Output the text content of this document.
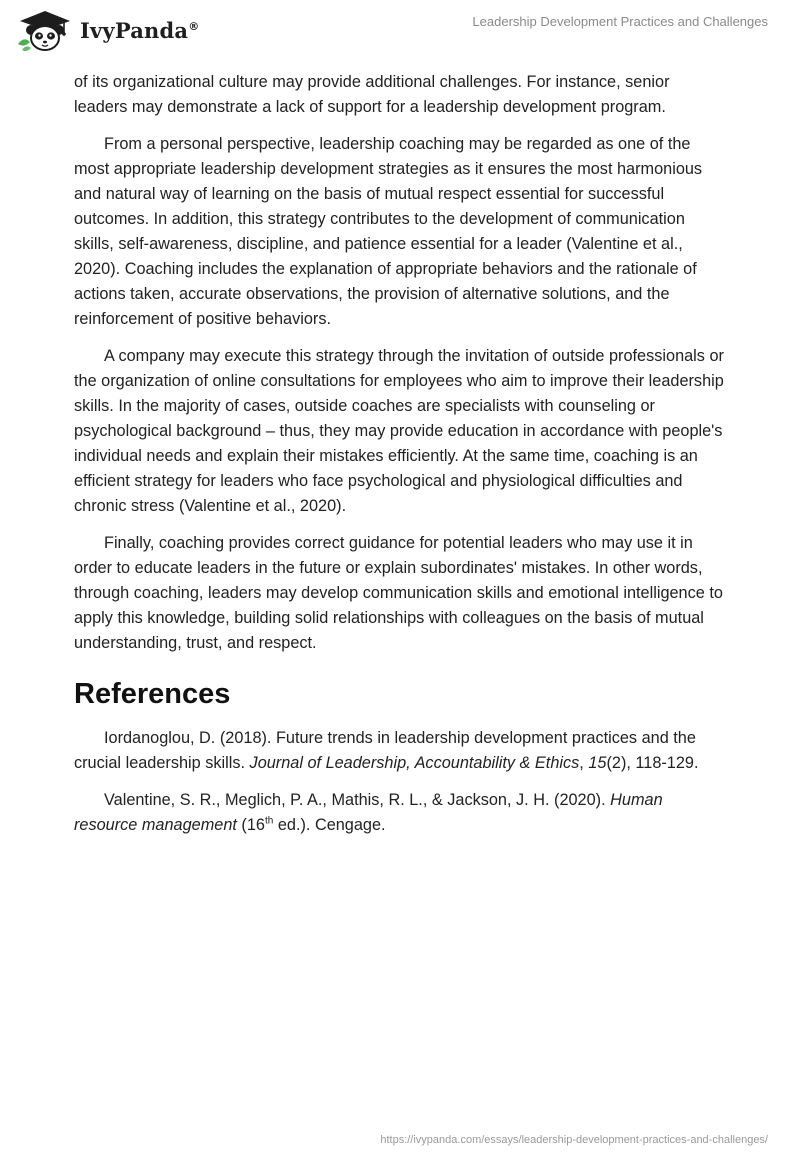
IvyPanda®	Leadership Development Practices and Challenges

of its organizational culture may provide additional challenges. For instance, senior leaders may demonstrate a lack of support for a leadership development program.

From a personal perspective, leadership coaching may be regarded as one of the most appropriate leadership development strategies as it ensures the most harmonious and natural way of learning on the basis of mutual respect essential for successful outcomes. In addition, this strategy contributes to the development of communication skills, self-awareness, discipline, and patience essential for a leader (Valentine et al., 2020). Coaching includes the explanation of appropriate behaviors and the rationale of actions taken, accurate observations, the provision of alternative solutions, and the reinforcement of positive behaviors.

A company may execute this strategy through the invitation of outside professionals or the organization of online consultations for employees who aim to improve their leadership skills. In the majority of cases, outside coaches are specialists with counseling or psychological background – thus, they may provide education in accordance with people's individual needs and explain their mistakes efficiently. At the same time, coaching is an efficient strategy for leaders who face psychological and physiological difficulties and chronic stress (Valentine et al., 2020).

Finally, coaching provides correct guidance for potential leaders who may use it in order to educate leaders in the future or explain subordinates' mistakes. In other words, through coaching, leaders may develop communication skills and emotional intelligence to apply this knowledge, building solid relationships with colleagues on the basis of mutual understanding, trust, and respect.

References

Iordanoglou, D. (2018). Future trends in leadership development practices and the crucial leadership skills. Journal of Leadership, Accountability & Ethics, 15(2), 118-129.

Valentine, S. R., Meglich, P. A., Mathis, R. L., & Jackson, J. H. (2020). Human resource management (16th ed.). Cengage.

https://ivypanda.com/essays/leadership-development-practices-and-challenges/
